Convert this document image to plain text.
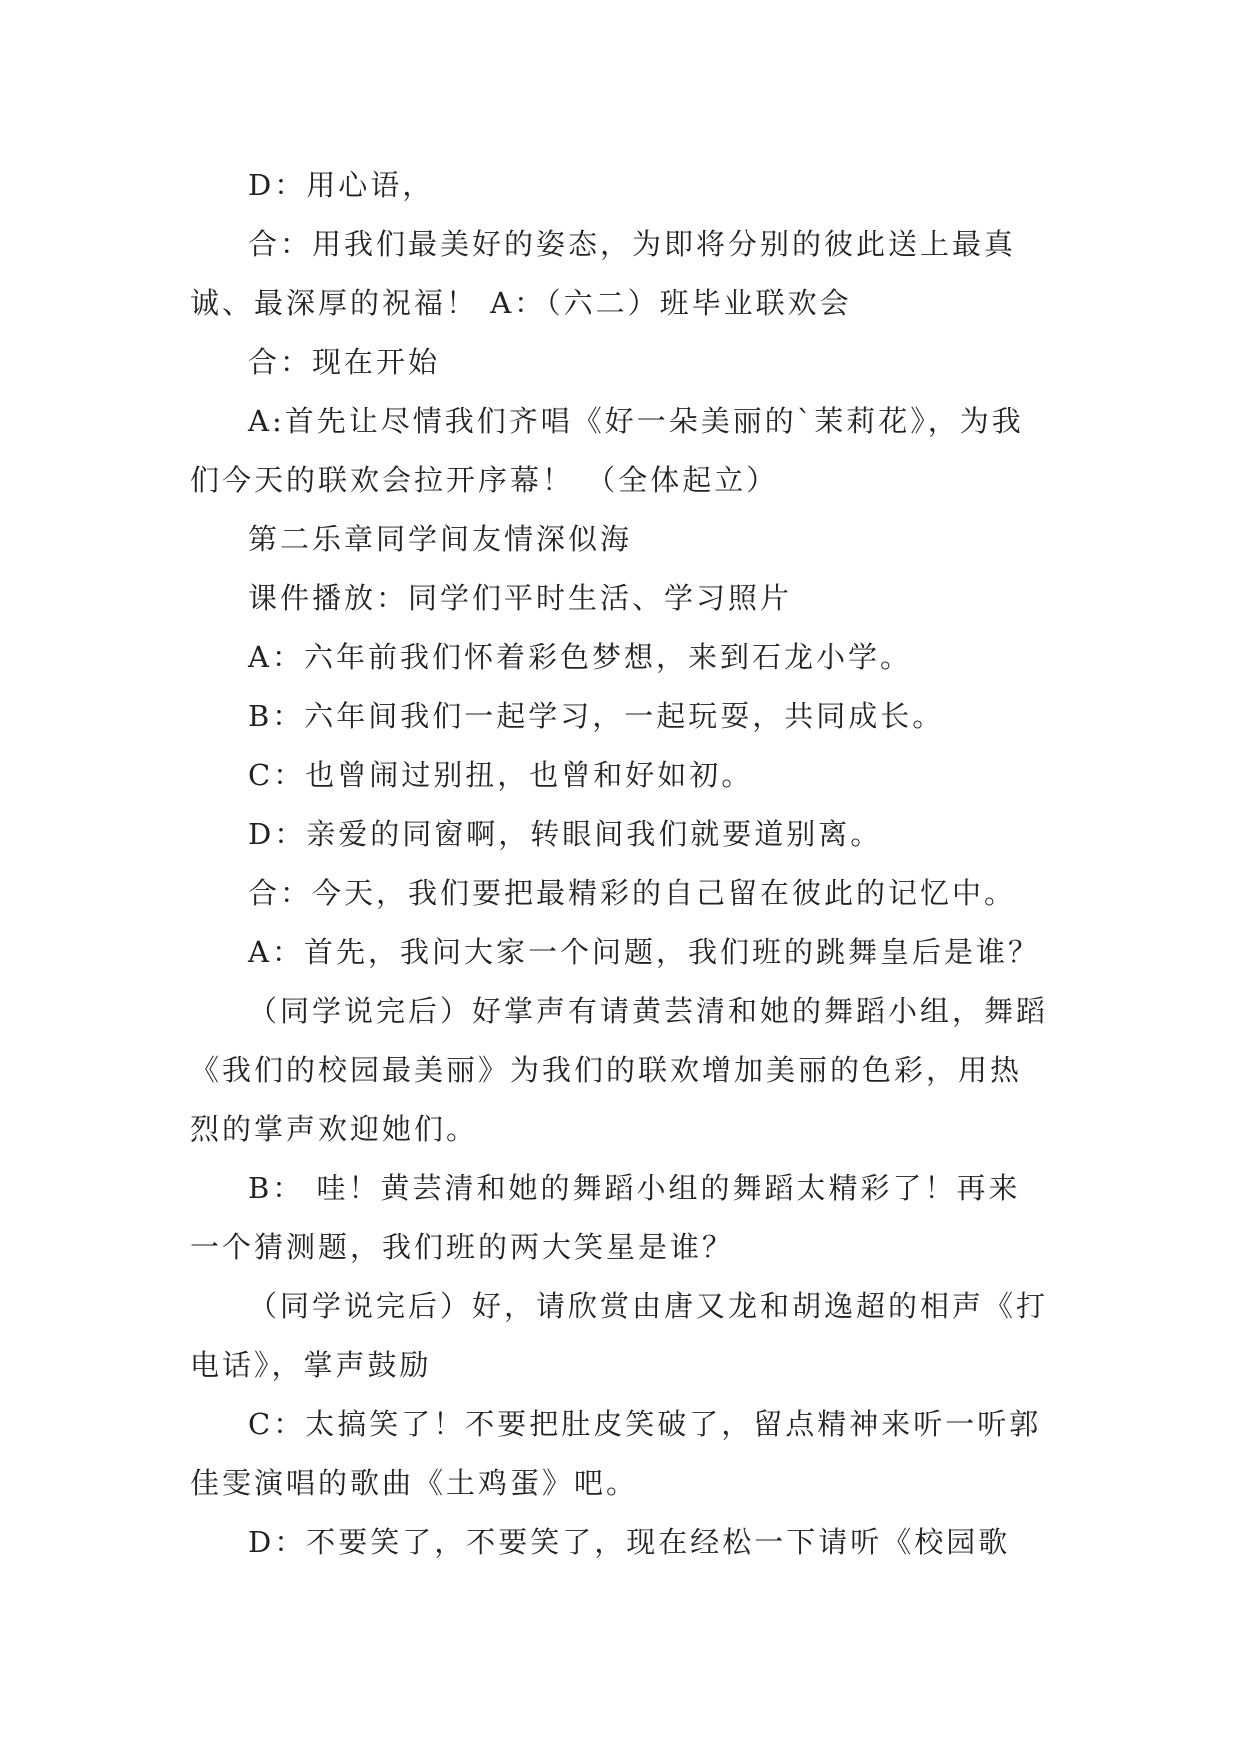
D：用心语，

合：用我们最美好的姿态，为即将分别的彼此送上最真诚、最深厚的祝福！ A：（六二）班毕业联欢会

合：现在开始

A:首先让尽情我们齐唱《好一朵美丽的`茉莉花》，为我们今天的联欢会拉开序幕！ （全体起立）

第二乐章同学间友情深似海

课件播放：同学们平时生活、学习照片

A：六年前我们怀着彩色梦想，来到石龙小学。

B：六年间我们一起学习，一起玩耍，共同成长。

C：也曾闹过别扭，也曾和好如初。

D：亲爱的同窗啊，转眼间我们就要道别离。

合：今天，我们要把最精彩的自己留在彼此的记忆中。

A：首先，我问大家一个问题，我们班的跳舞皇后是谁？

（同学说完后）好掌声有请黄芸清和她的舞蹈小组，舞蹈《我们的校园最美丽》为我们的联欢增加美丽的色彩，用热烈的掌声欢迎她们。

B： 哇！黄芸清和她的舞蹈小组的舞蹈太精彩了！再来一个猜测题，我们班的两大笑星是谁？

（同学说完后）好，请欣赏由唐又龙和胡逸超的相声《打电话》，掌声鼓励

C：太搞笑了！不要把肚皮笑破了，留点精神来听一听郭佳雯演唱的歌曲《土鸡蛋》吧。

D：不要笑了，不要笑了，现在经松一下请听《校园歌
